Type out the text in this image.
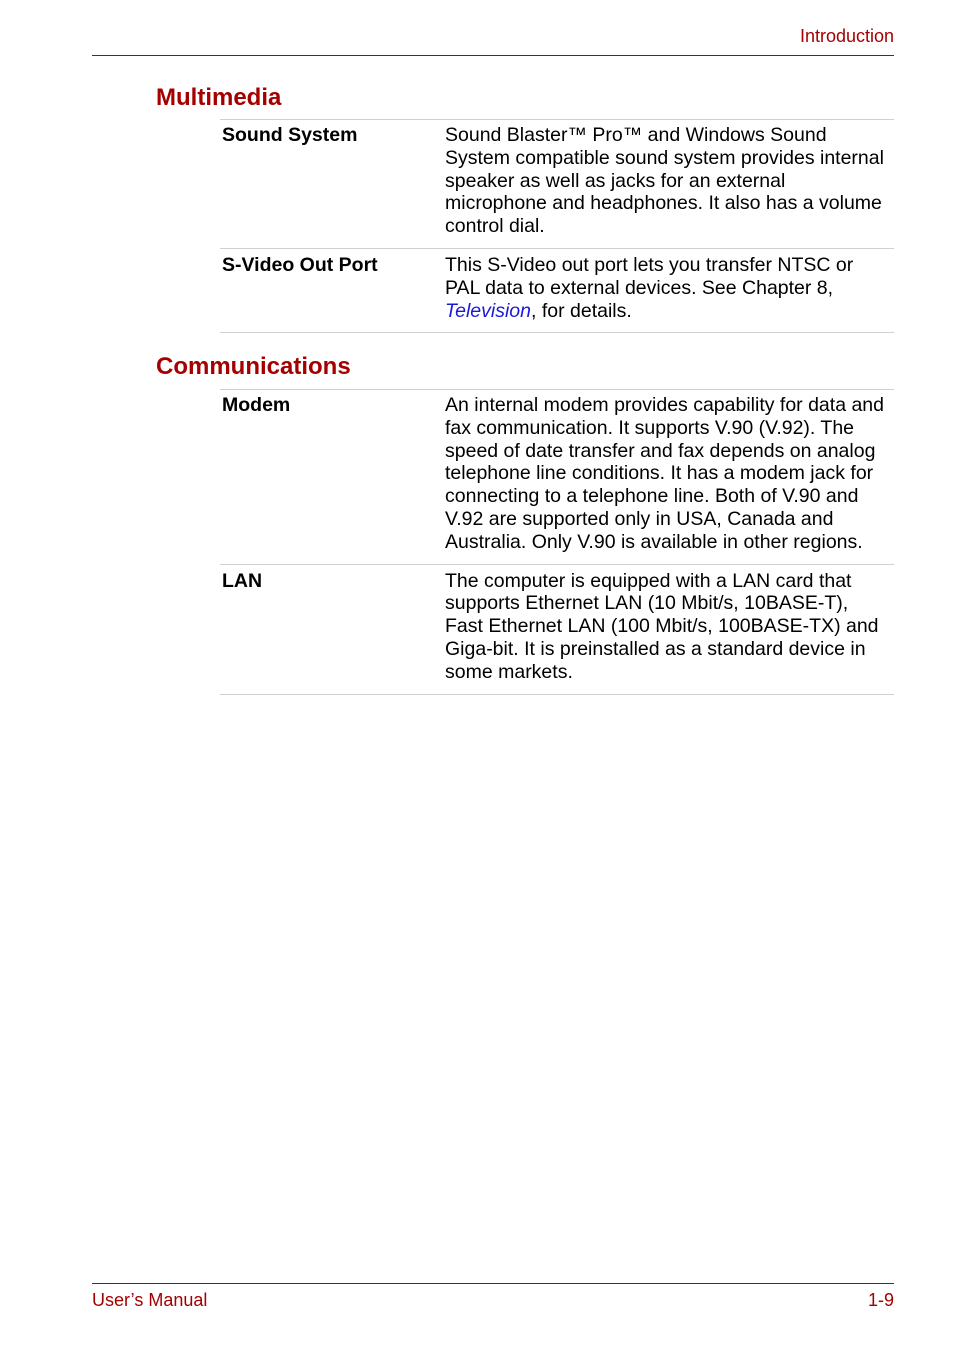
Introduction
Multimedia
Sound System	Sound Blaster™ Pro™ and Windows Sound System compatible sound system provides internal speaker as well as jacks for an external microphone and headphones. It also has a volume control dial.
S-Video Out Port	This S-Video out port lets you transfer NTSC or PAL data to external devices. See Chapter 8, Television, for details.
Communications
Modem	An internal modem provides capability for data and fax communication. It supports V.90 (V.92). The speed of date transfer and fax depends on analog telephone line conditions. It has a modem jack for connecting to a telephone line. Both of V.90 and V.92 are supported only in USA, Canada and Australia. Only V.90 is available in other regions.
LAN	The computer is equipped with a LAN card that supports Ethernet LAN (10 Mbit/s, 10BASE-T), Fast Ethernet LAN (100 Mbit/s, 100BASE-TX) and Giga-bit. It is preinstalled as a standard device in some markets.
User’s Manual	1-9
